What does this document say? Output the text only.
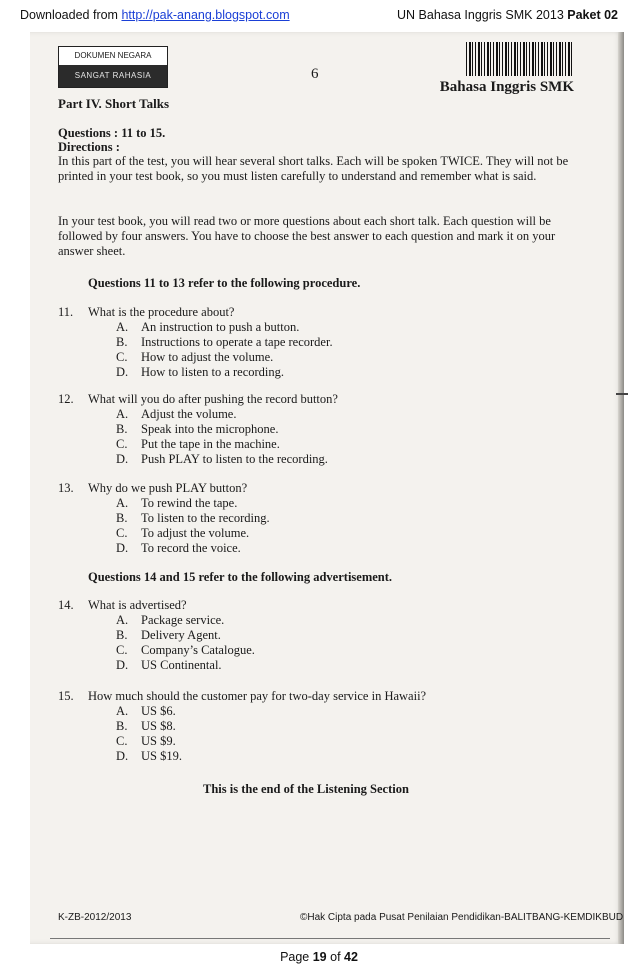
Downloaded from http://pak-anang.blogspot.com	UN Bahasa Inggris SMK 2013 Paket 02
DOKUMEN NEGARA
SANGAT RAHASIA	6
Bahasa Inggris SMK
Part IV. Short Talks
Questions : 11 to 15.
Directions :
In this part of the test, you will hear several short talks. Each will be spoken TWICE. They will not be printed in your test book, so you must listen carefully to understand and remember what is said.
In your test book, you will read two or more questions about each short talk. Each question will be followed by four answers. You have to choose the best answer to each question and mark it on your answer sheet.
Questions 11 to 13 refer to the following procedure.
11. What is the procedure about?
A. An instruction to push a button.
B. Instructions to operate a tape recorder.
C. How to adjust the volume.
D. How to listen to a recording.
12. What will you do after pushing the record button?
A. Adjust the volume.
B. Speak into the microphone.
C. Put the tape in the machine.
D. Push PLAY to listen to the recording.
13. Why do we push PLAY button?
A. To rewind the tape.
B. To listen to the recording.
C. To adjust the volume.
D. To record the voice.
Questions 14 and 15 refer to the following advertisement.
14. What is advertised?
A. Package service.
B. Delivery Agent.
C. Company’s Catalogue.
D. US Continental.
15. How much should the customer pay for two-day service in Hawaii?
A. US $6.
B. US $8.
C. US $9.
D. US $19.
This is the end of the Listening Section
K-ZB-2012/2013	©Hak Cipta pada Pusat Penilaian Pendidikan-BALITBANG-KEMDIKBUD
Page 19 of 42
